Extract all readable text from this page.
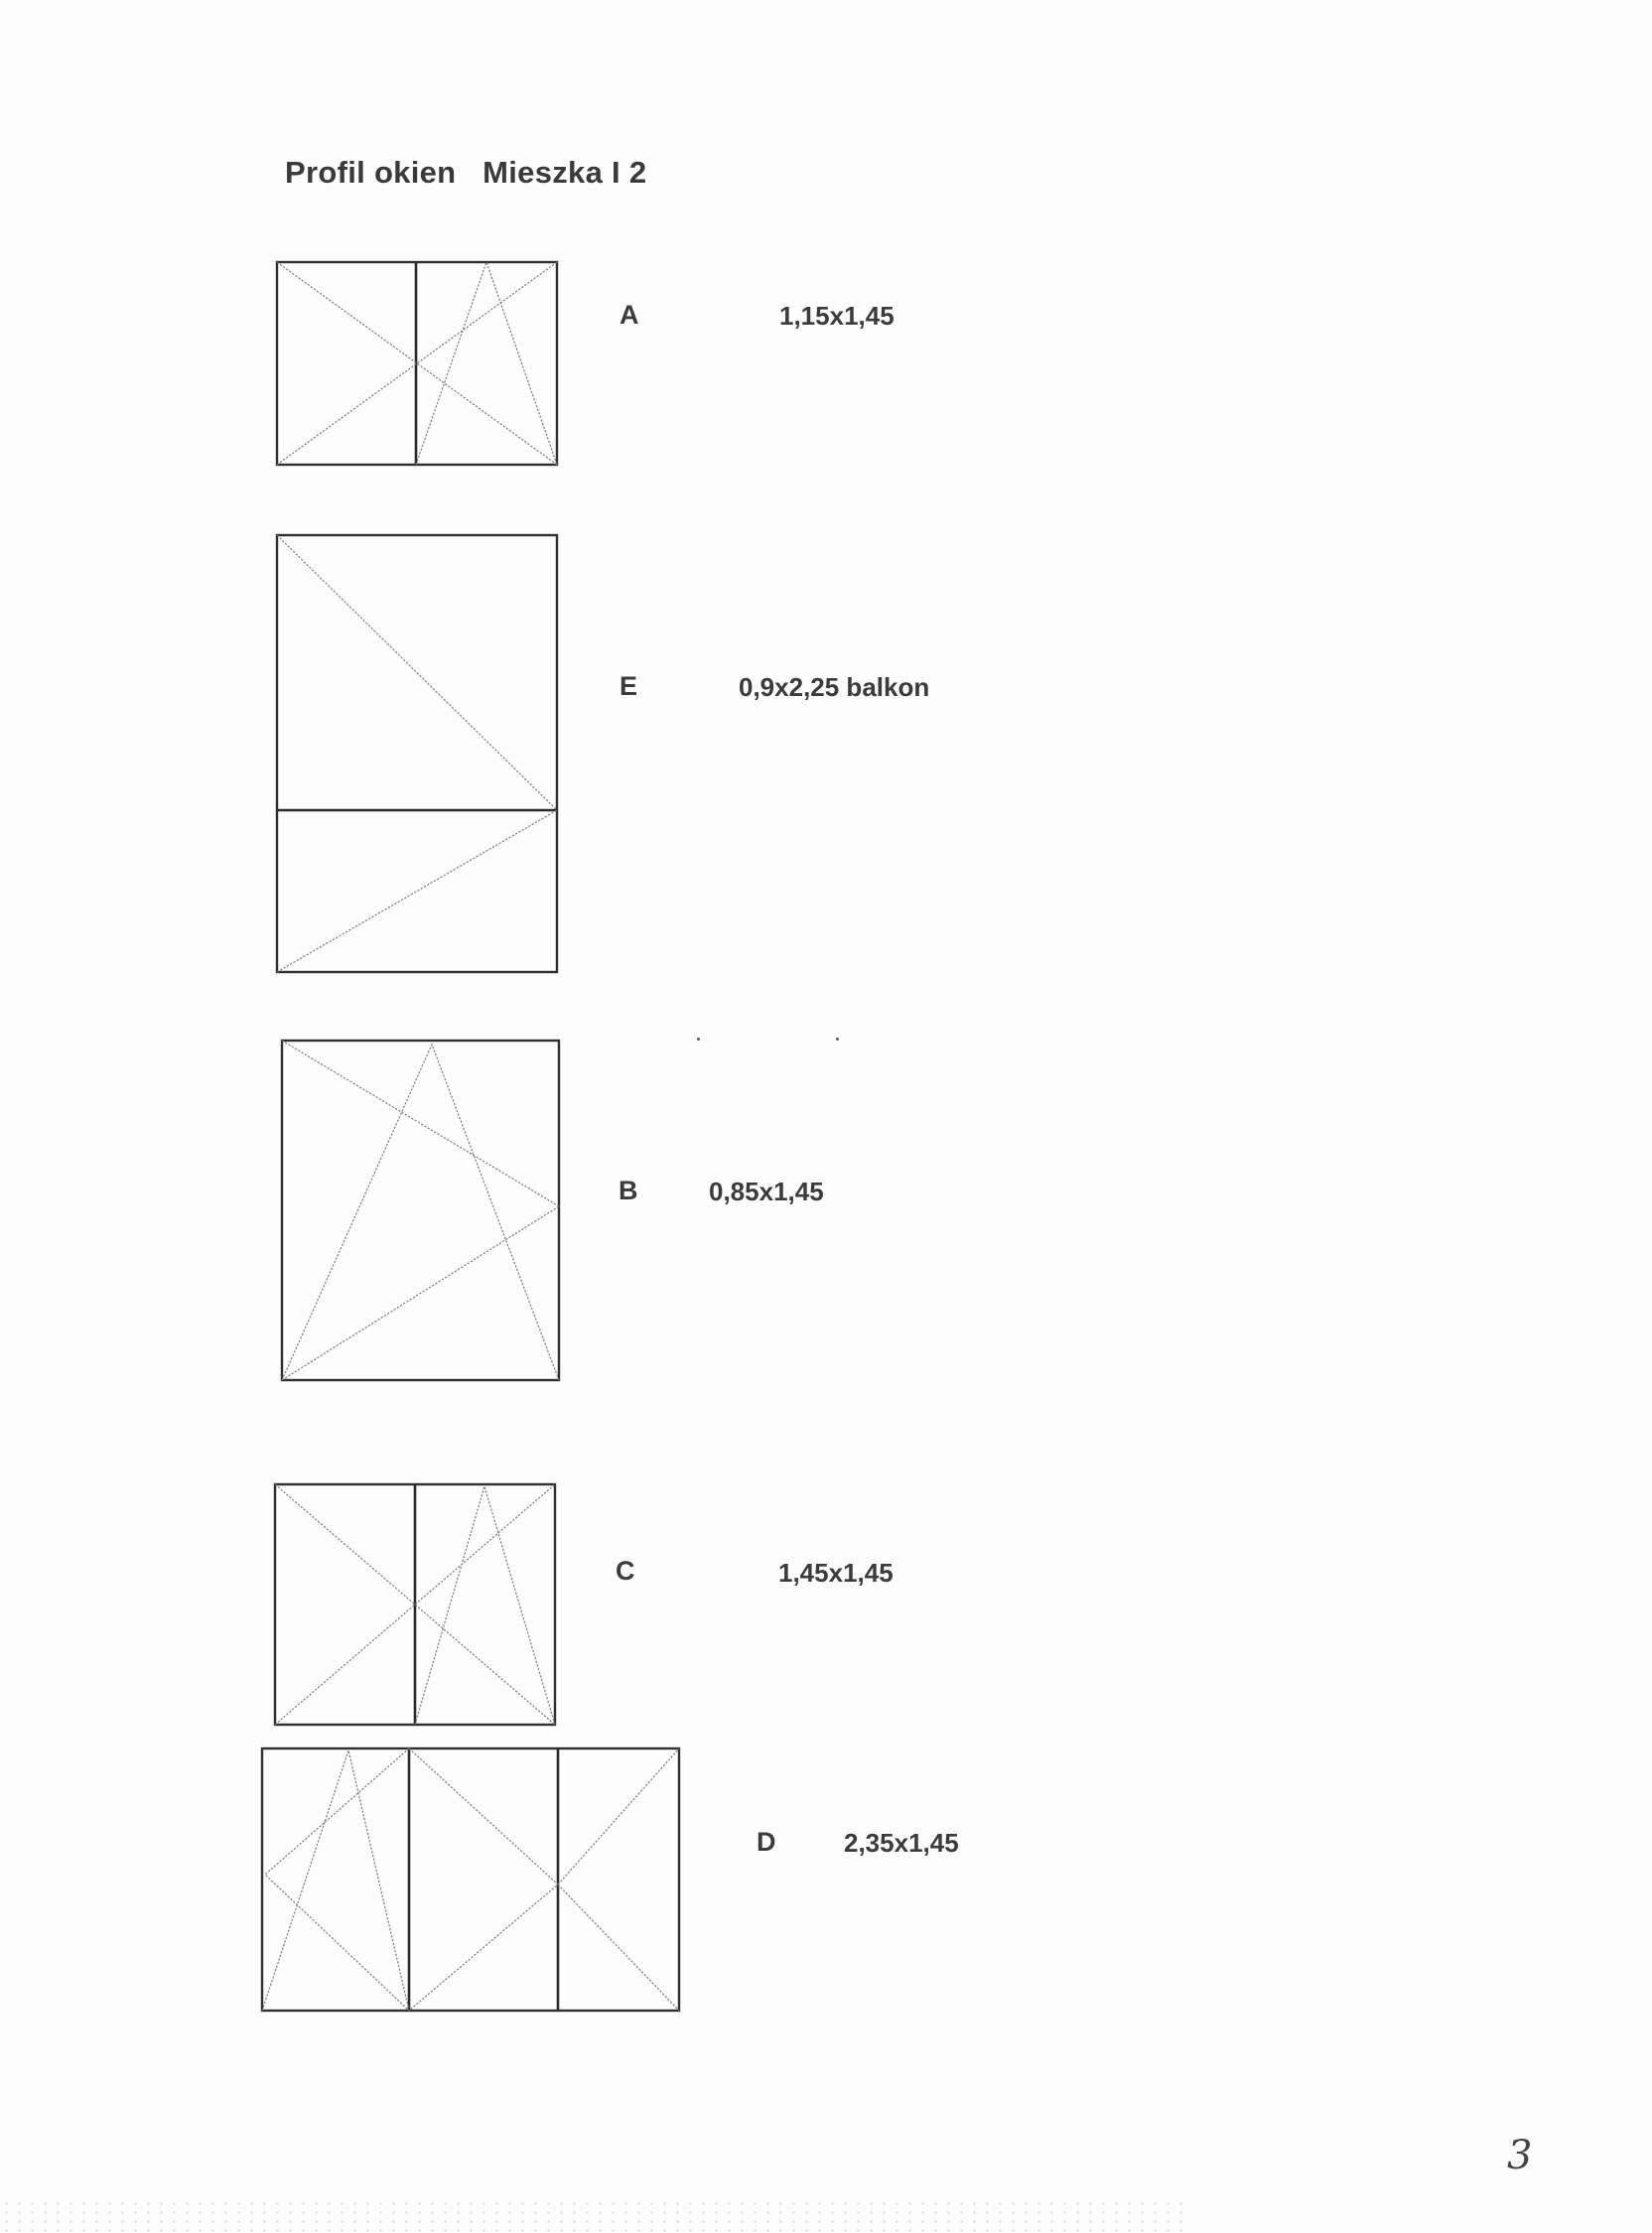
Profil okien   Mieszka I 2
A	1,15x1,45
E	0,9x2,25 balkon
B	0,85x1,45
C	1,45x1,45
D	2,35x1,45
3
